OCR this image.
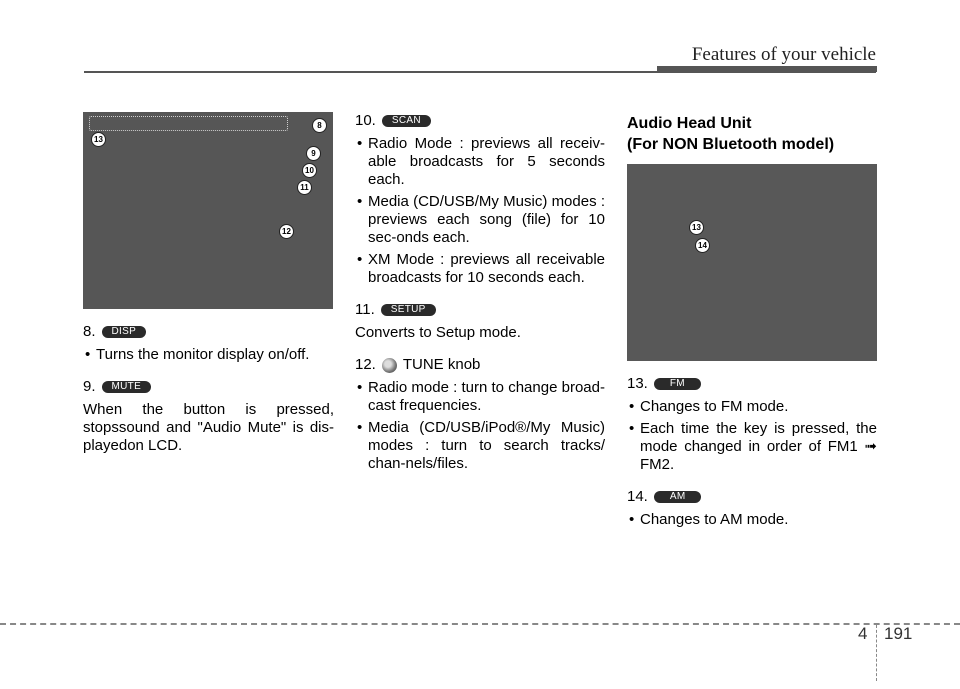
Features of your vehicle
8
9
10
11
12
13
8.	DISP
• Turns the monitor display on/off.
9.	MUTE

When the button is pressed, stopssound and "Audio Mute" is dis-playedon LCD.

10.	SCAN
• Radio Mode : previews all receiv-able broadcasts for 5 seconds each.
• Media (CD/USB/My Music) modes : previews each song (file) for 10 sec-onds each.
• XM Mode : previews all receivable broadcasts for 10 seconds each.
11.	SETUP

Converts to Setup mode.

12. TUNE knob
• Radio mode : turn to change broad-cast frequencies.
• Media (CD/USB/iPod®/My Music) modes : turn to search tracks/ chan-nels/files.
Audio Head Unit
(For NON Bluetooth model)
13
14
13.	FM
• Changes to FM mode.
• Each time the key is pressed, the mode changed in order of FM1 ➟ FM2.
14.	AM
• Changes to AM mode.
4 191
